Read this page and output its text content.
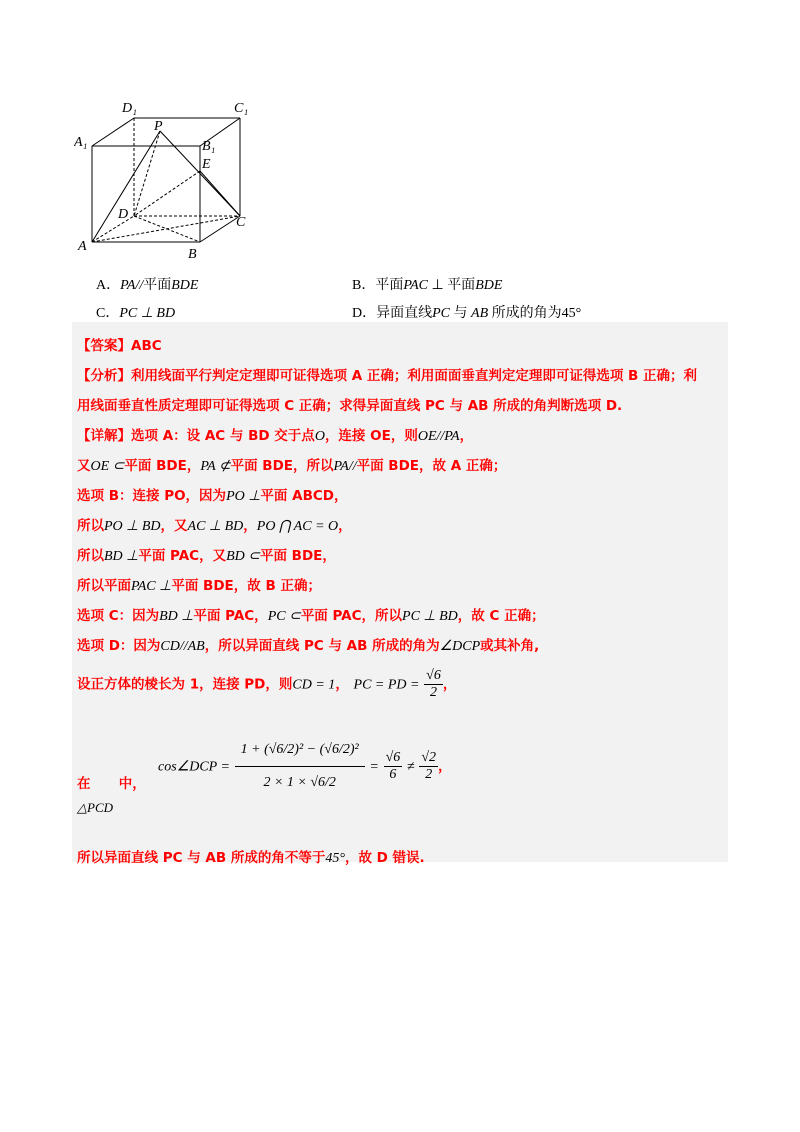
D₁	C₁
A₁	B₁
P
E
D
C
A
B
A．PA//平面BDE	B．平面PAC ⊥ 平面BDE
C．PC ⊥ BD	D．异面直线PC 与 AB 所成的角为45°
【答案】ABC
【分析】利用线面平行判定定理即可证得选项 A 正确；利用面面垂直判定定理即可证得选项 B 正确；利
用线面垂直性质定理即可证得选项 C 正确；求得异面直线 PC 与 AB 所成的角判断选项 D.
【详解】选项 A：设 AC 与 BD 交于点O，连接 OE，则OE//PA，
又OE ⊂平面 BDE，PA ⊄平面 BDE，所以PA//平面 BDE，故 A 正确；
选项 B：连接 PO，因为PO ⊥平面 ABCD，
所以PO ⊥ BD，又AC ⊥ BD，PO ⋂ AC = O，
所以BD ⊥平面 PAC，又BD ⊂平面 BDE，
所以平面PAC ⊥平面 BDE，故 B 正确；
选项 C：因为BD ⊥平面 PAC，PC ⊂平面 PAC，所以PC ⊥ BD，故 C 正确；
选项 D：因为CD//AB，所以异面直线 PC 与 AB 所成的角为∠DCP或其补角,
设正方体的棱长为 1，连接 PD，则CD = 1， PC = PD = $\frac{√6}{2}$ ，
在 中，
△PCD
cos∠DCP = $\frac{\text{1 + (√6/2)² − (√6/2)²}}{2 \times 1 \times √6/2} = \frac{√6}{6} \ne \frac{√2}{2}$ ，
所以异面直线 PC 与 AB 所成的角不等于45°，故 D 错误.
